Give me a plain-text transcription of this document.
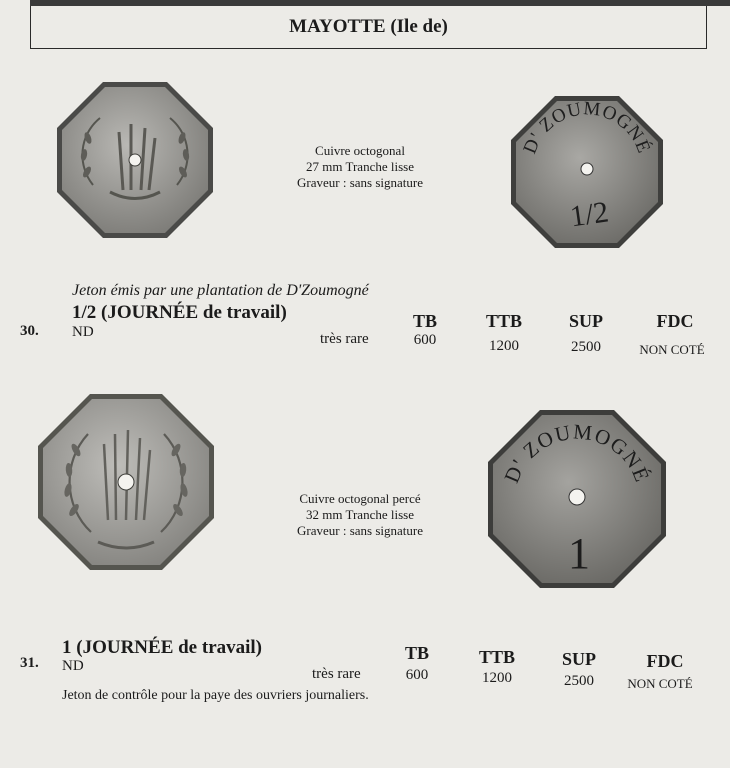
MAYOTTE (Ile de)
Cuivre octogonal
27 mm Tranche lisse
Graveur : sans signature
D' ZOUMOGNÉ
1/2
Jeton émis par une plantation de D'Zoumogné
1/2 (JOURNÉE de travail)
30. ND	très rare
TB	TTB	SUP	FDC
600	1200	2500	NON COTÉ
Cuivre octogonal percé
32 mm Tranche lisse
Graveur : sans signature
D' ZOUMOGNÉ
1
1 (JOURNÉE de travail)
31. ND	très rare
TB	TTB	SUP	FDC
600	1200	2500	NON COTÉ
Jeton de contrôle pour la paye des ouvriers journaliers.
